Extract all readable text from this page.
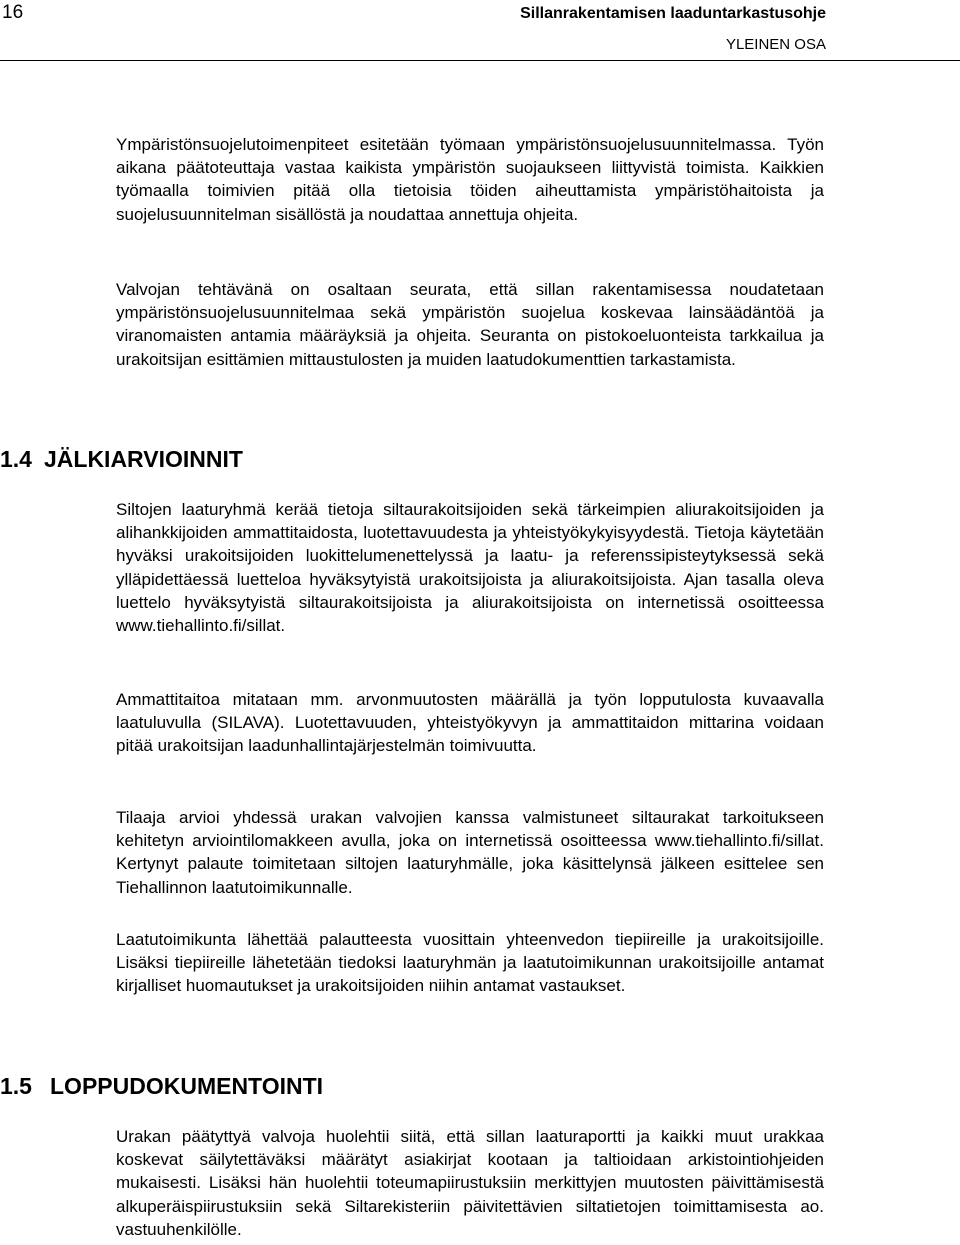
16	Sillanrakentamisen laaduntarkastusohje
YLEINEN OSA

Ympäristönsuojelutoimenpiteet esitetään työmaan ympäristönsuojelusuunnitelmassa. Työn aikana päätoteuttaja vastaa kaikista ympäristön suojaukseen liittyvistä toimista. Kaikkien työmaalla toimivien pitää olla tietoisia töiden aiheuttamista ympäristöhaitoista ja suojelusuunnitelman sisällöstä ja noudattaa annettuja ohjeita.

Valvojan tehtävänä on osaltaan seurata, että sillan rakentamisessa noudatetaan ympäristönsuojelusuunnitelmaa sekä ympäristön suojelua koskevaa lainsäädäntöä ja viranomaisten antamia määräyksiä ja ohjeita. Seuranta on pistokoeluonteista tarkkailua ja urakoitsijan esittämien mittaustulosten ja muiden laatudokumenttien tarkastamista.

1.4 JÄLKIARVIOINNIT

Siltojen laaturyhmä kerää tietoja siltaurakoitsijoiden sekä tärkeimpien aliurakoitsijoiden ja alihankkijoiden ammattitaidosta, luotettavuudesta ja yhteistyökykyisyydestä. Tietoja käytetään hyväksi urakoitsijoiden luokittelumenettelyssä ja laatu- ja referenssipisteytyksessä sekä ylläpidettäessä luetteloa hyväksytyistä urakoitsijoista ja aliurakoitsijoista. Ajan tasalla oleva luettelo hyväksytyistä siltaurakoitsijoista ja aliurakoitsijoista on internetissä osoitteessa www.tiehallinto.fi/sillat.

Ammattitaitoa mitataan mm. arvonmuutosten määrällä ja työn lopputulosta kuvaavalla laatuluvulla (SILAVA). Luotettavuuden, yhteistyökyvyn ja ammattitaidon mittarina voidaan pitää urakoitsijan laadunhallintajärjestelmän toimivuutta.

Tilaaja arvioi yhdessä urakan valvojien kanssa valmistuneet siltaurakat tarkoitukseen kehitetyn arviointilomakkeen avulla, joka on internetissä osoitteessa www.tiehallinto.fi/sillat. Kertynyt palaute toimitetaan siltojen laaturyhmälle, joka käsittelynsä jälkeen esittelee sen Tiehallinnon laatutoimikunnalle.

Laatutoimikunta lähettää palautteesta vuosittain yhteenvedon tiepiireille ja urakoitsijoille. Lisäksi tiepiireille lähetetään tiedoksi laaturyhmän ja laatutoimikunnan urakoitsijoille antamat kirjalliset huomautukset ja urakoitsijoiden niihin antamat vastaukset.

1.5 LOPPUDOKUMENTOINTI

Urakan päätyttyä valvoja huolehtii siitä, että sillan laaturaportti ja kaikki muut urakkaa koskevat säilytettäväksi määrätyt asiakirjat kootaan ja taltioidaan arkistointiohjeiden mukaisesti. Lisäksi hän huolehtii toteumapiirustuksiin merkittyjen muutosten päivittämisestä alkuperäispiirustuksiin sekä Siltarekisteriin päivitettävien siltatietojen toimittamisesta ao. vastuuhenkilölle.
